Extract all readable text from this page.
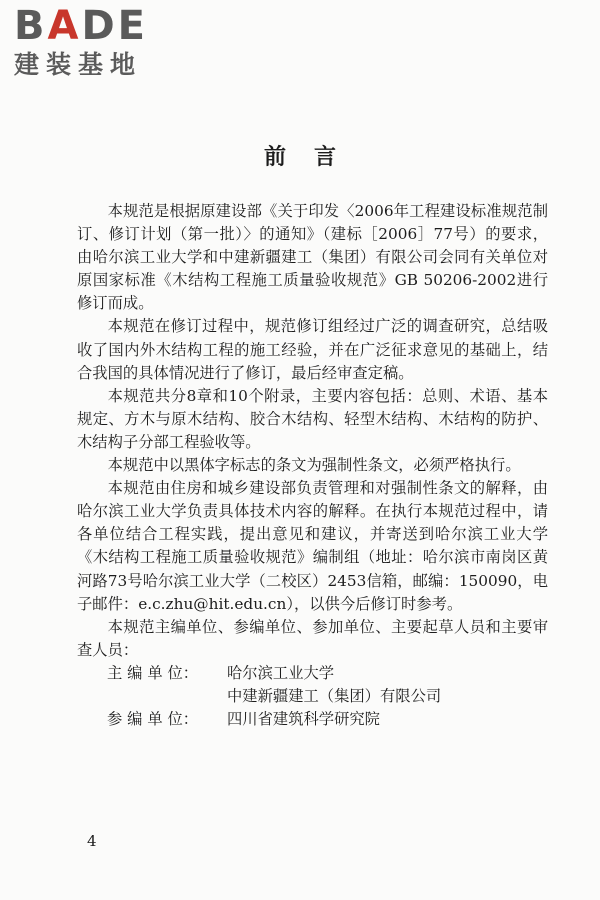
BADE
建装基地
前言

本规范是根据原建设部《关于印发〈2006年工程建设标准规范制订、修订计划（第一批）〉的通知》（建标［2006］77号）的要求，由哈尔滨工业大学和中建新疆建工（集团）有限公司会同有关单位对原国家标准《木结构工程施工质量验收规范》GB 50206-2002进行修订而成。

本规范在修订过程中，规范修订组经过广泛的调查研究，总结吸收了国内外木结构工程的施工经验，并在广泛征求意见的基础上，结合我国的具体情况进行了修订，最后经审查定稿。

本规范共分8章和10个附录，主要内容包括：总则、术语、基本规定、方木与原木结构、胶合木结构、轻型木结构、木结构的防护、木结构子分部工程验收等。

本规范中以黑体字标志的条文为强制性条文，必须严格执行。

本规范由住房和城乡建设部负责管理和对强制性条文的解释，由哈尔滨工业大学负责具体技术内容的解释。在执行本规范过程中，请各单位结合工程实践，提出意见和建议，并寄送到哈尔滨工业大学《木结构工程施工质量验收规范》编制组（地址：哈尔滨市南岗区黄河路73号哈尔滨工业大学（二校区）2453信箱，邮编：150090，电子邮件：e.c.zhu@hit.edu.cn），以供今后修订时参考。

本规范主编单位、参编单位、参加单位、主要起草人员和主要审查人员：

主 编 单 位：	哈尔滨工业大学
中建新疆建工（集团）有限公司
参 编 单 位：	四川省建筑科学研究院
4
